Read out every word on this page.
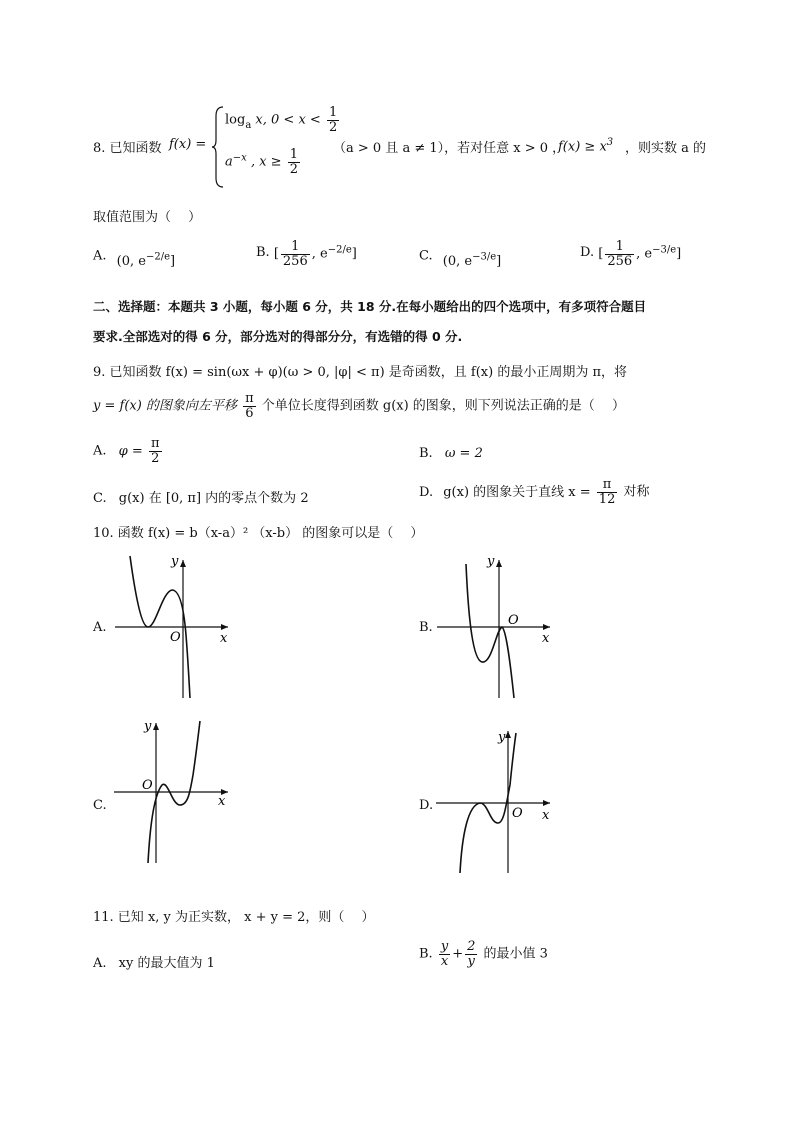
8. 已知函数 f(x) =
$\log_a x$, $0 < x < \frac{1}{2}$
$a^{-x}$ , $x \ge \frac{1}{2}$	（a > 0 且 a ≠ 1），若对任意 x > 0 ，
$f(x) \ge x^3$ ，则实数 a 的
取值范围为（　 ）
A. (0, $e^{-2/e}$]
B. [ $\frac{1}{256}$ , $e^{-2/e}$]	C. (0, $e^{-3/e}$]
D. [ $\frac{1}{256}$ , $e^{-3/e}$]
二、选择题：本题共 3 小题，每小题 6 分，共 18 分.在每小题给出的四个选项中，有多项符合题目
要求.全部选对的得 6 分，部分选对的得部分分，有选错的得 0 分.
9. 已知函数 f(x) = sin(ωx + φ)(ω > 0, |φ| < π) 是奇函数，且 f(x) 的最小正周期为 π，将
y = f(x) 的图象向左平移 $\frac{\pi}{6}$ 个单位长度得到函数 g(x) 的图象，则下列说法正确的是（　 ）
A. $\varphi = \frac{\pi}{2}$	B. ω = 2
C. g(x) 在 [0, π] 内的零点个数为 2	D. g(x) 的图象关于直线 $x = \frac{\pi}{12}$ 对称
10. 函数 f(x) = b（x-a）² （x-b） 的图象可以是（　 ）
A.
y
x
O
B.
y
x
O
C.
y
x
O
D.
y
x
O
11. 已知 x, y 为正实数， x + y = 2，则（　 ）
A. xy 的最大值为 1
B. $\frac{y}{x} + \frac{2}{y}$ 的最小值 3
